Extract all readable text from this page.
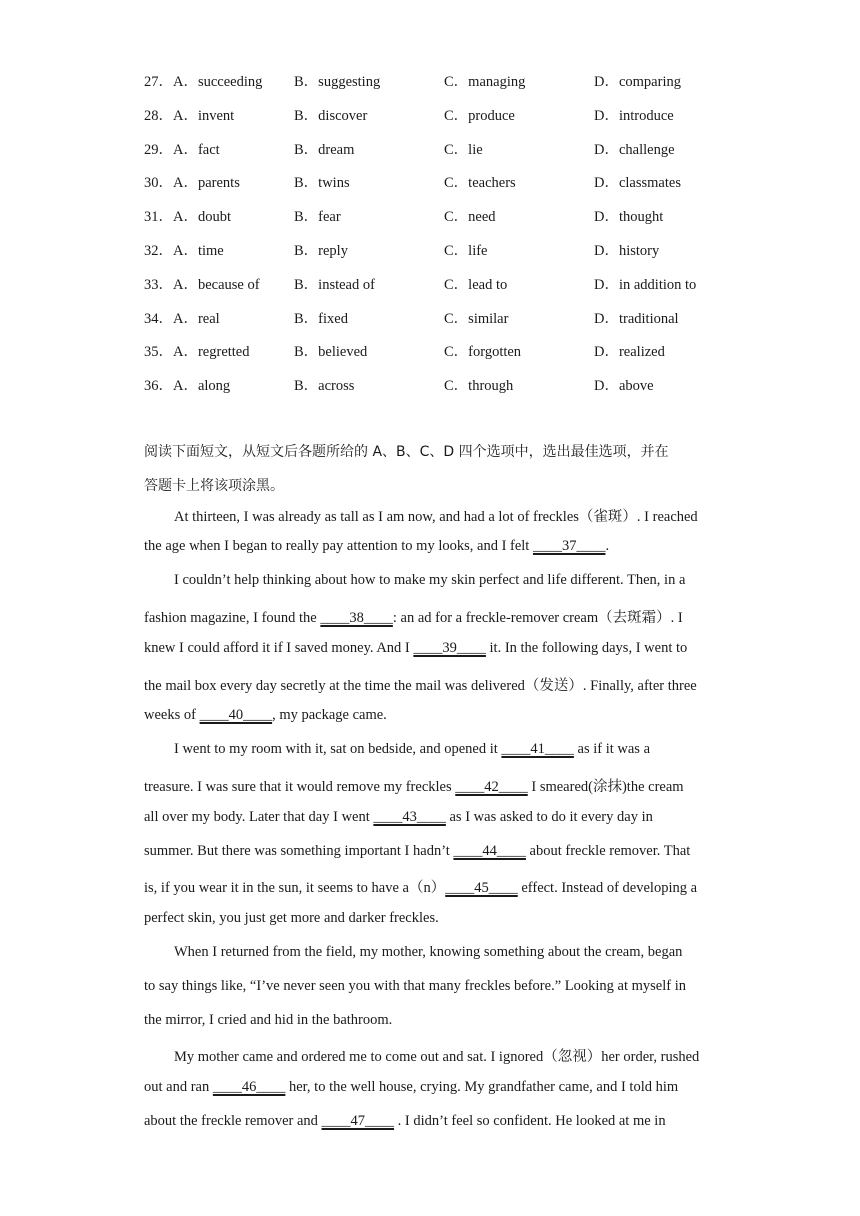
27． A．succeeding B．suggesting	C．managing	D．comparing
28． A．invent	B．discover	C．produce	D．introduce
29． A．fact	B．dream	C．lie	D．challenge
30． A．parents	B．twins	C．teachers	D．classmates
31． A．doubt	B．fear	C．need	D．thought
32． A．time	B．reply	C．life	D．history
33． A．because of B．instead of	C．lead to	D．in addition to
34． A．real	B．fixed	C．similar	D．traditional
35． A．regretted	B．believed	C．forgotten	D．realized
36． A．along	B．across	C．through	D．above
阅读下面短文，从短文后各题所给的 A、B、C、D 四个选项中，选出最佳选项，并在
答题卡上将该项涂黑。
At thirteen, I was already as tall as I am now, and had a lot of freckles（雀斑）. I reached
the age when I began to really pay attention to my looks, and I felt ____37____.
I couldn’t help thinking about how to make my skin perfect and life different. Then, in a
fashion magazine, I found the ____38____: an ad for a freckle-remover cream（去斑霜）. I
knew I could afford it if I saved money. And I ____39____ it. In the following days, I went to
the mail box every day secretly at the time the mail was delivered（发送）. Finally, after three
weeks of ____40____, my package came.
I went to my room with it, sat on bedside, and opened it ____41____ as if it was a
treasure. I was sure that it would remove my freckles ____42____ I smeared(涂抹)the cream
all over my body. Later that day I went ____43____ as I was asked to do it every day in
summer. But there was something important I hadn’t ____44____ about freckle remover. That
is, if you wear it in the sun, it seems to have a（n）____45____ effect. Instead of developing a
perfect skin, you just get more and darker freckles.
When I returned from the field, my mother, knowing something about the cream, began
to say things like, “I’ve never seen you with that many freckles before.” Looking at myself in
the mirror, I cried and hid in the bathroom.
My mother came and ordered me to come out and sat. I ignored（忽视）her order, rushed
out and ran ____46____ her, to the well house, crying. My grandfather came, and I told him
about the freckle remover and ____47____ . I didn’t feel so confident. He looked at me in
